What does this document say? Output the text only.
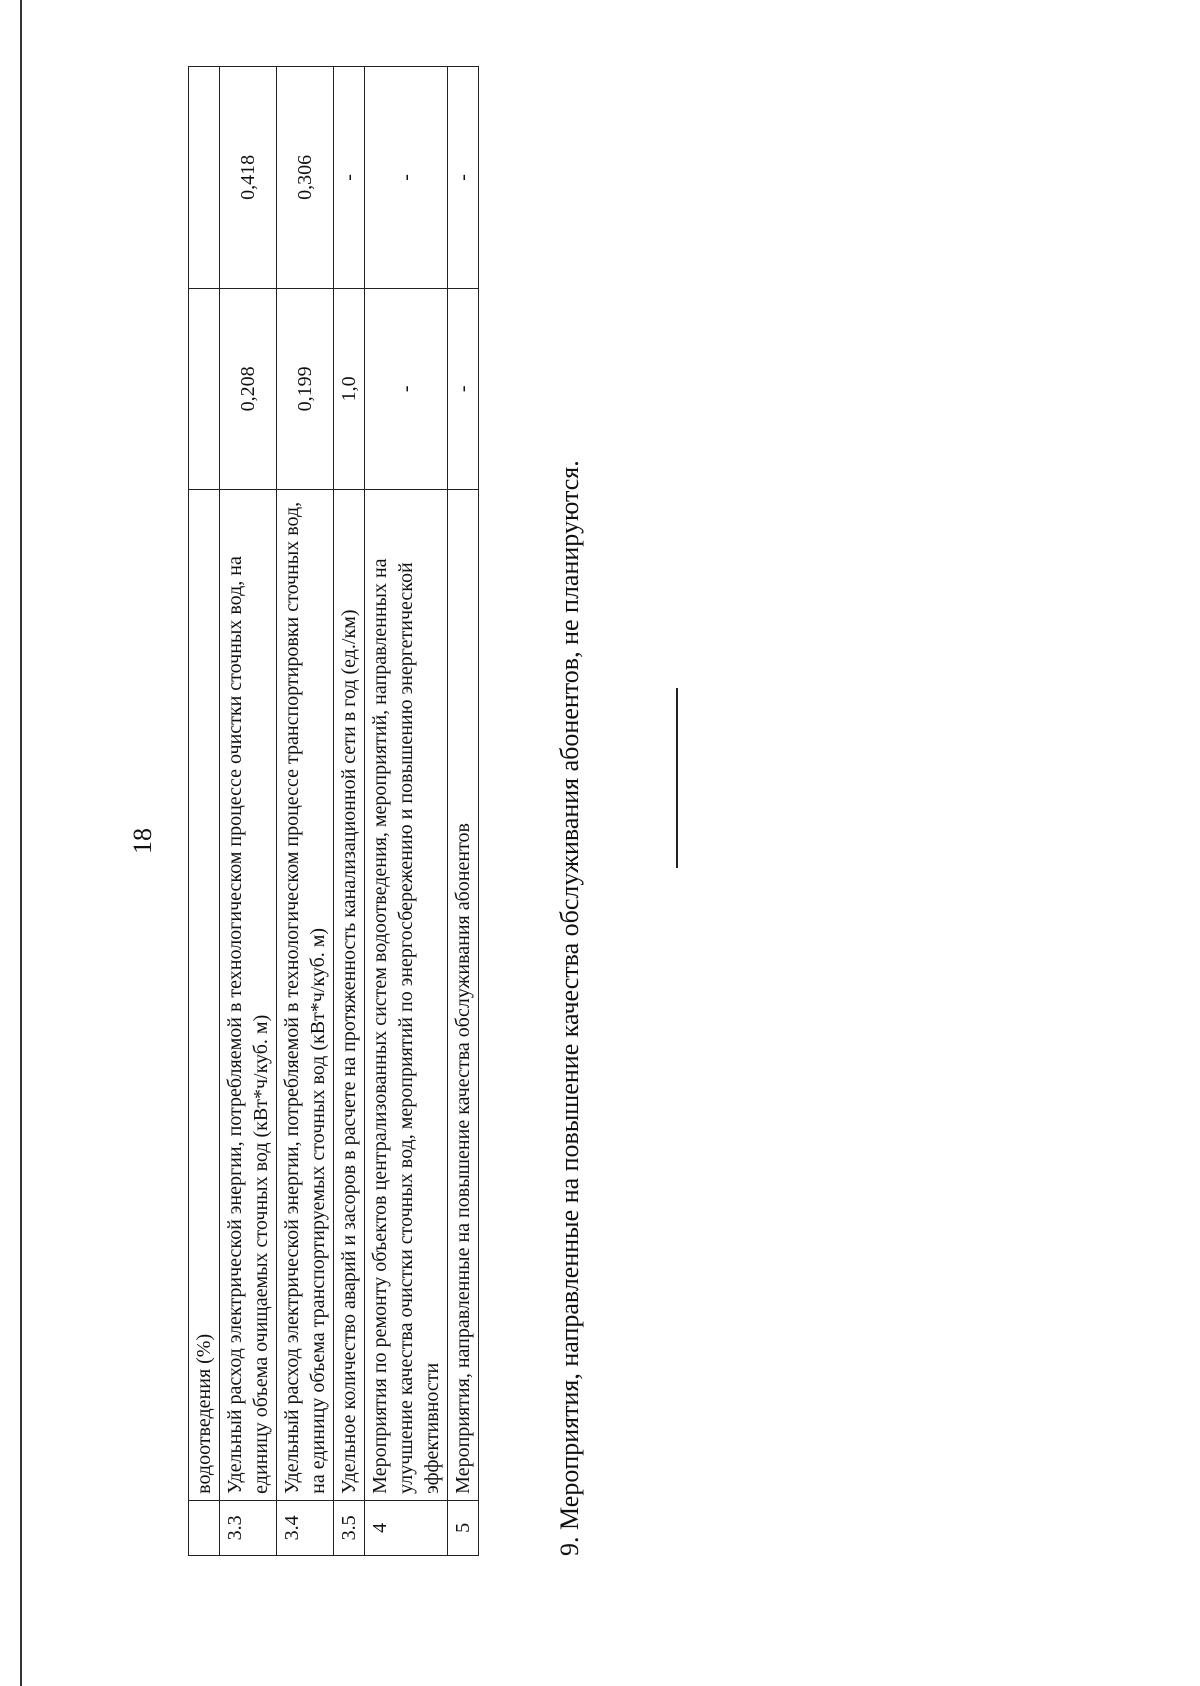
18
	водоотведения (%)		
3.3	Удельный расход электрической энергии, потребляемой в технологическом процессе очистки сточных вод, на единицу объема очищаемых сточных вод (кВт*ч/куб. м)	0,208	0,418
3.4	Удельный расход электрической энергии, потребляемой в технологическом процессе транспортировки сточных вод, на единицу объема транспортируемых сточных вод (кВт*ч/куб. м)	0,199	0,306
3.5	Удельное количество аварий и засоров в расчете на протяженность канализационной сети в год (ед./км)	1,0	-
4	Мероприятия по ремонту объектов централизованных систем водоотведения, мероприятий, направленных на улучшение качества очистки сточных вод, мероприятий по энергосбережению и повышению энергетической эффективности	-	-
5	Мероприятия, направленные на повышение качества обслуживания абонентов	-	-
9. Мероприятия, направленные на повышение качества обслуживания абонентов, не планируются.
